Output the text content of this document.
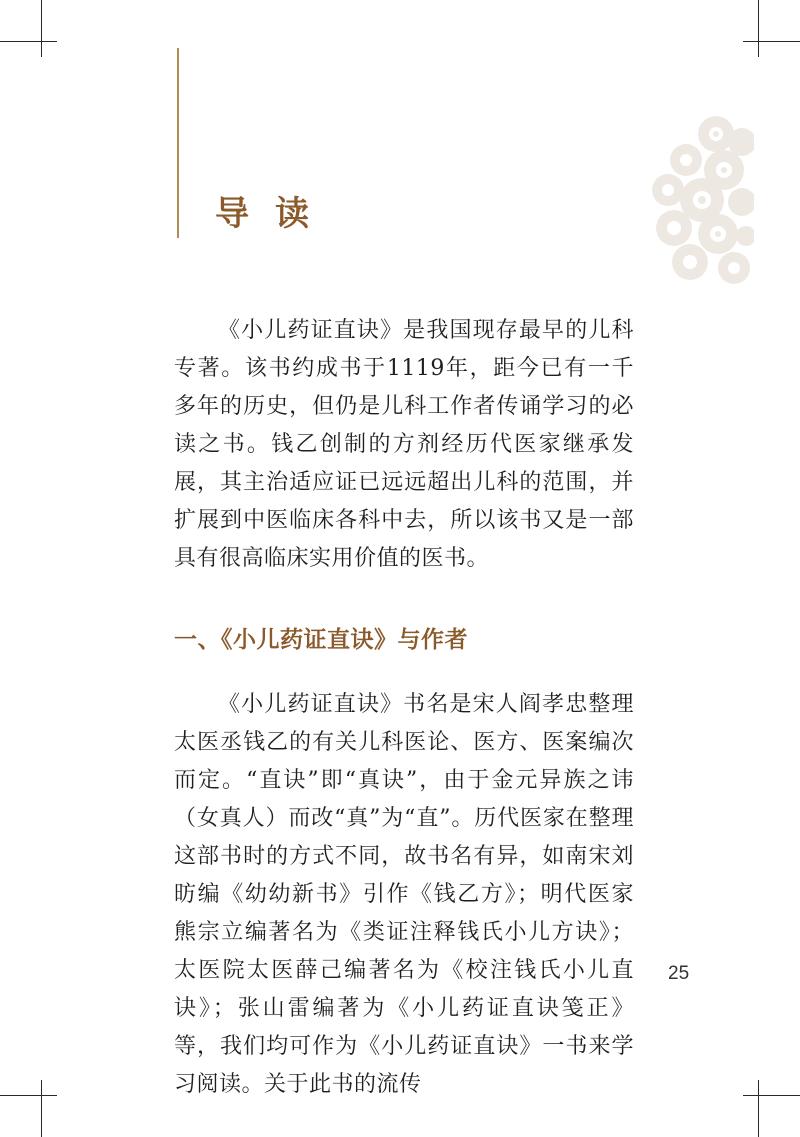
导读

《小儿药证直诀》是我国现存最早的儿科专著。该书约成书于1119年，距今已有一千多年的历史，但仍是儿科工作者传诵学习的必读之书。钱乙创制的方剂经历代医家继承发展，其主治适应证已远远超出儿科的范围，并扩展到中医临床各科中去，所以该书又是一部具有很高临床实用价值的医书。

一、《小儿药证直诀》与作者

《小儿药证直诀》书名是宋人阎孝忠整理太医丞钱乙的有关儿科医论、医方、医案编次而定。“直诀”即“真诀”，由于金元异族之讳（女真人）而改“真”为“直”。历代医家在整理这部书时的方式不同，故书名有异，如南宋刘昉编《幼幼新书》引作《钱乙方》；明代医家熊宗立编著名为《类证注释钱氏小儿方诀》；太医院太医薛己编著名为《校注钱氏小儿直诀》；张山雷编著为《小儿药证直诀笺正》等，我们均可作为《小儿药证直诀》一书来学习阅读。关于此书的流传

25
